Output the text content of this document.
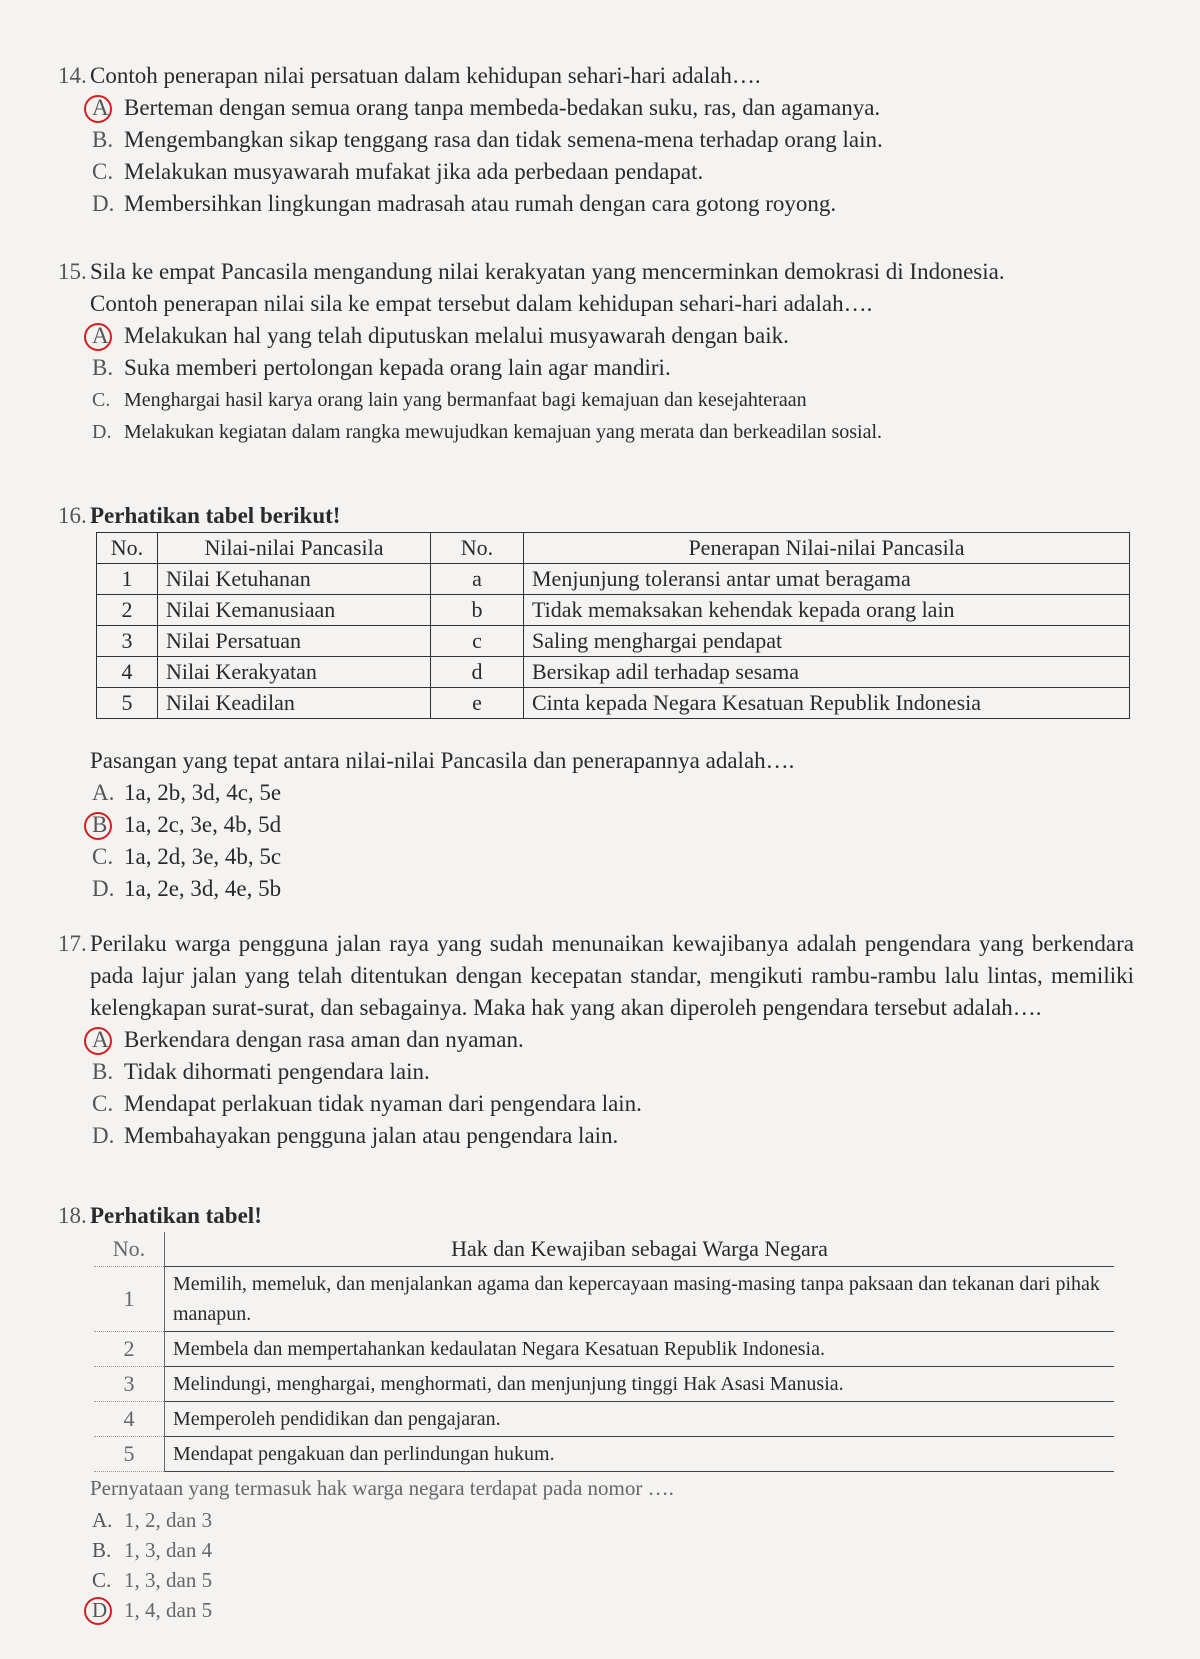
14. Contoh penerapan nilai persatuan dalam kehidupan sehari-hari adalah….
A Berteman dengan semua orang tanpa membeda-bedakan suku, ras, dan agamanya.
B. Mengembangkan sikap tenggang rasa dan tidak semena-mena terhadap orang lain.
C. Melakukan musyawarah mufakat jika ada perbedaan pendapat.
D. Membersihkan lingkungan madrasah atau rumah dengan cara gotong royong.
15. Sila ke empat Pancasila mengandung nilai kerakyatan yang mencerminkan demokrasi di Indonesia.
Contoh penerapan nilai sila ke empat tersebut dalam kehidupan sehari-hari adalah….
A Melakukan hal yang telah diputuskan melalui musyawarah dengan baik.
B. Suka memberi pertolongan kepada orang lain agar mandiri.
C. Menghargai hasil karya orang lain yang bermanfaat bagi kemajuan dan kesejahteraan
D. Melakukan kegiatan dalam rangka mewujudkan kemajuan yang merata dan berkeadilan sosial.
16. Perhatikan tabel berikut!
No.	Nilai-nilai Pancasila	No.	Penerapan Nilai-nilai Pancasila
1	Nilai Ketuhanan	a	Menjunjung toleransi antar umat beragama
2	Nilai Kemanusiaan	b	Tidak memaksakan kehendak kepada orang lain
3	Nilai Persatuan	c	Saling menghargai pendapat
4	Nilai Kerakyatan	d	Bersikap adil terhadap sesama
5	Nilai Keadilan	e	Cinta kepada Negara Kesatuan Republik Indonesia
Pasangan yang tepat antara nilai-nilai Pancasila dan penerapannya adalah….
A. 1a, 2b, 3d, 4c, 5e
B 1a, 2c, 3e, 4b, 5d
C. 1a, 2d, 3e, 4b, 5c
D. 1a, 2e, 3d, 4e, 5b
17. Perilaku warga pengguna jalan raya yang sudah menunaikan kewajibanya adalah pengendara yang berkendara pada lajur jalan yang telah ditentukan dengan kecepatan standar, mengikuti rambu-rambu lalu lintas, memiliki kelengkapan surat-surat, dan sebagainya. Maka hak yang akan diperoleh pengendara tersebut adalah….
A Berkendara dengan rasa aman dan nyaman.
B. Tidak dihormati pengendara lain.
C. Mendapat perlakuan tidak nyaman dari pengendara lain.
D. Membahayakan pengguna jalan atau pengendara lain.
18. Perhatikan tabel!
No.	Hak dan Kewajiban sebagai Warga Negara
1	Memilih, memeluk, dan menjalankan agama dan kepercayaan masing-masing tanpa paksaan dan tekanan dari pihak manapun.
2	Membela dan mempertahankan kedaulatan Negara Kesatuan Republik Indonesia.
3	Melindungi, menghargai, menghormati, dan menjunjung tinggi Hak Asasi Manusia.
4	Memperoleh pendidikan dan pengajaran.
5	Mendapat pengakuan dan perlindungan hukum.
Pernyataan yang termasuk hak warga negara terdapat pada nomor ….
A. 1, 2, dan 3
B. 1, 3, dan 4
C. 1, 3, dan 5
D 1, 4, dan 5
